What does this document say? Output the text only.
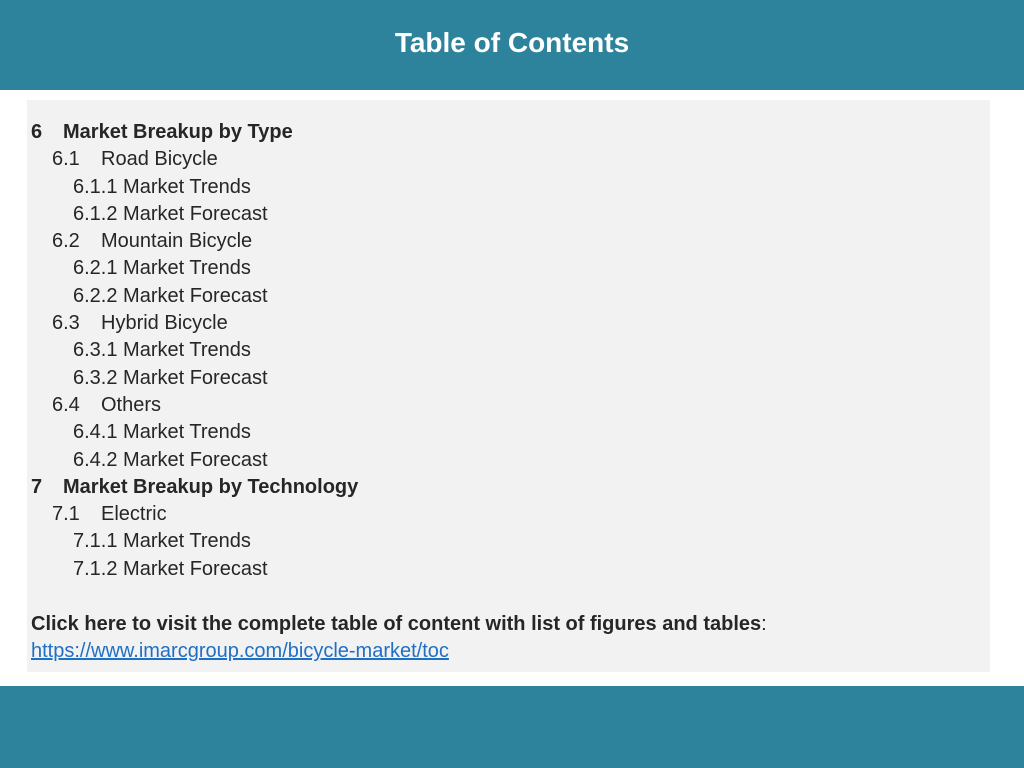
Table of Contents
6 Market Breakup by Type
6.1 Road Bicycle
6.1.1 Market Trends
6.1.2 Market Forecast
6.2 Mountain Bicycle
6.2.1 Market Trends
6.2.2 Market Forecast
6.3 Hybrid Bicycle
6.3.1 Market Trends
6.3.2 Market Forecast
6.4 Others
6.4.1 Market Trends
6.4.2 Market Forecast
7 Market Breakup by Technology
7.1 Electric
7.1.1 Market Trends
7.1.2 Market Forecast
Click here to visit the complete table of content with list of figures and tables:
https://www.imarcgroup.com/bicycle-market/toc
